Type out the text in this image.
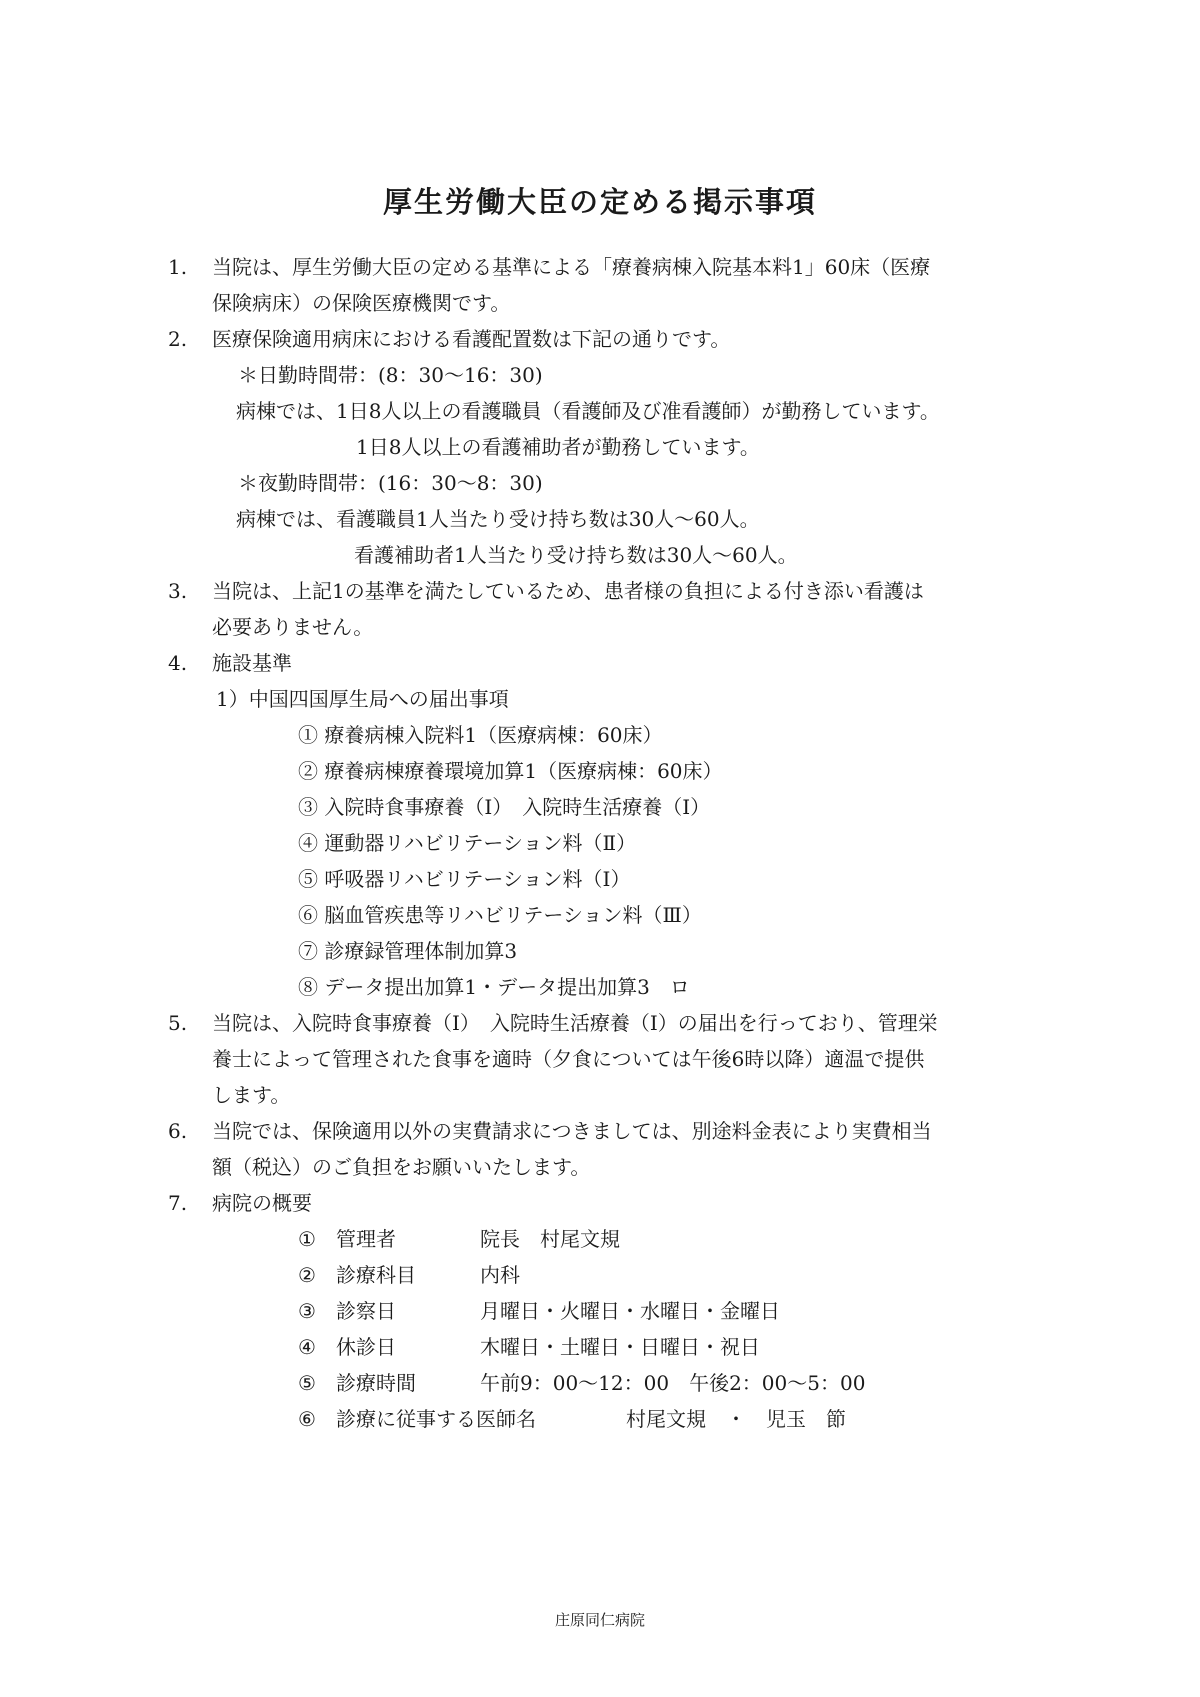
厚生労働大臣の定める掲示事項
1. 当院は、厚生労働大臣の定める基準による「療養病棟入院基本料1」60床（医療
保険病床）の保険医療機関です。
2. 医療保険適用病床における看護配置数は下記の通りです。
＊日勤時間帯：(8：30〜16：30)
病棟では、1日8人以上の看護職員（看護師及び准看護師）が勤務しています。
1日8人以上の看護補助者が勤務しています。
＊夜勤時間帯：(16：30〜8：30)
病棟では、看護職員1人当たり受け持ち数は30人〜60人。
看護補助者1人当たり受け持ち数は30人〜60人。
3. 当院は、上記1の基準を満たしているため、患者様の負担による付き添い看護は
必要ありません。
4. 施設基準
1）中国四国厚生局への届出事項
① 療養病棟入院料1（医療病棟：60床）
② 療養病棟療養環境加算1（医療病棟：60床）
③ 入院時食事療養（Ⅰ）　入院時生活療養（Ⅰ）
④ 運動器リハビリテーション料（Ⅱ）
⑤ 呼吸器リハビリテーション料（Ⅰ）
⑥ 脳血管疾患等リハビリテーション料（Ⅲ）
⑦ 診療録管理体制加算3
⑧ データ提出加算1・データ提出加算3　ロ
5. 当院は、入院時食事療養（Ⅰ）　入院時生活療養（Ⅰ）の届出を行っており、管理栄
養士によって管理された食事を適時（夕食については午後6時以降）適温で提供
します。
6. 当院では、保険適用以外の実費請求につきましては、別途料金表により実費相当
額（税込）のご負担をお願いいたします。
7. 病院の概要
① 管理者	院長　村尾文規
② 診療科目	内科
③ 診察日	月曜日・火曜日・水曜日・金曜日
④ 休診日	木曜日・土曜日・日曜日・祝日
⑤ 診療時間	午前9：00〜12：00　午後2：00〜5：00
⑥ 診療に従事する医師名	村尾文規　・　児玉　節
庄原同仁病院
